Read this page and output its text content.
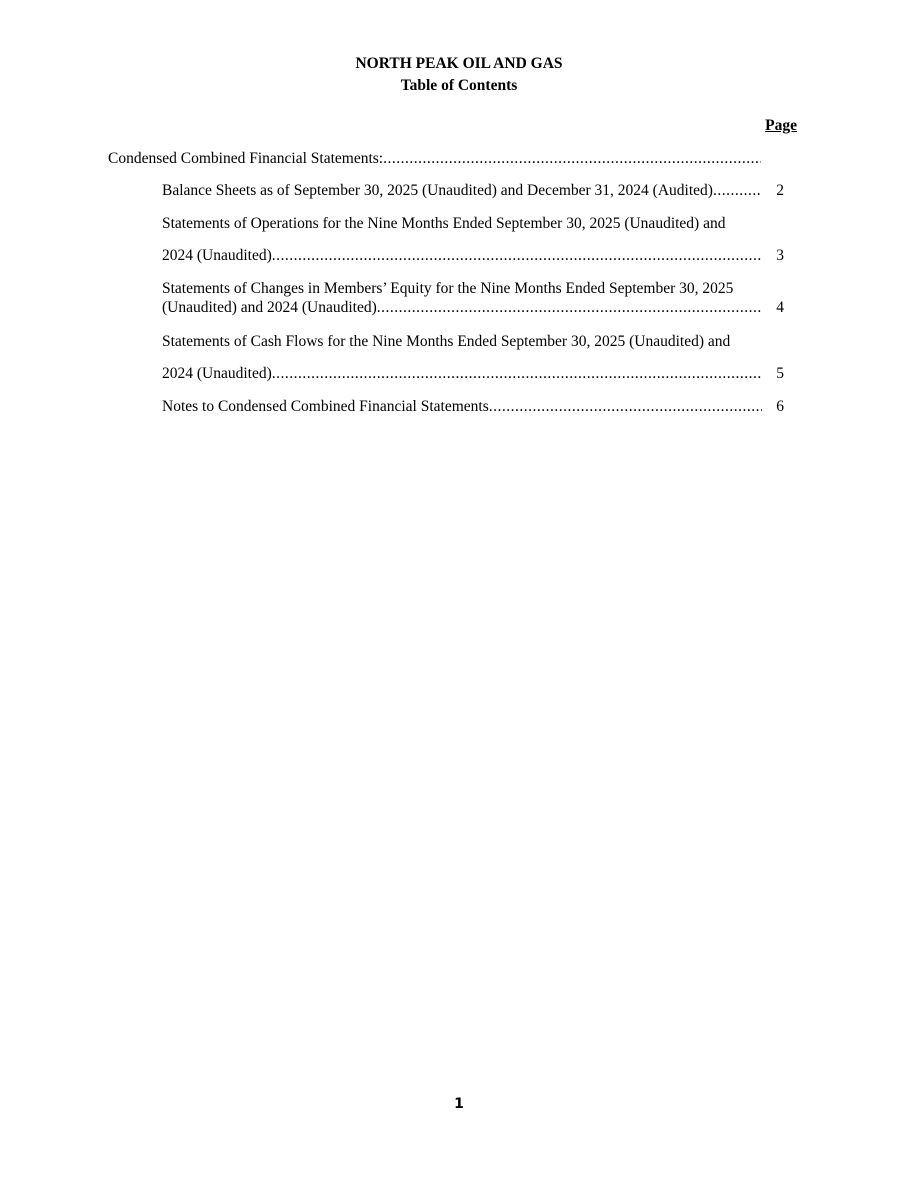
NORTH PEAK OIL AND GAS
Table of Contents
Page
Condensed Combined Financial Statements:
.....
Balance Sheets as of September 30, 2025 (Unaudited) and December 31, 2024 (Audited) .....	2
Statements of Operations for the Nine Months Ended September 30, 2025 (Unaudited) and
2024 (Unaudited) .....	3
Statements of Changes in Members’ Equity for the Nine Months Ended September 30, 2025
(Unaudited) and 2024 (Unaudited) .....	4
Statements of Cash Flows for the Nine Months Ended September 30, 2025 (Unaudited) and
2024 (Unaudited) .....	5
Notes to Condensed Combined Financial Statements .....	6
1
